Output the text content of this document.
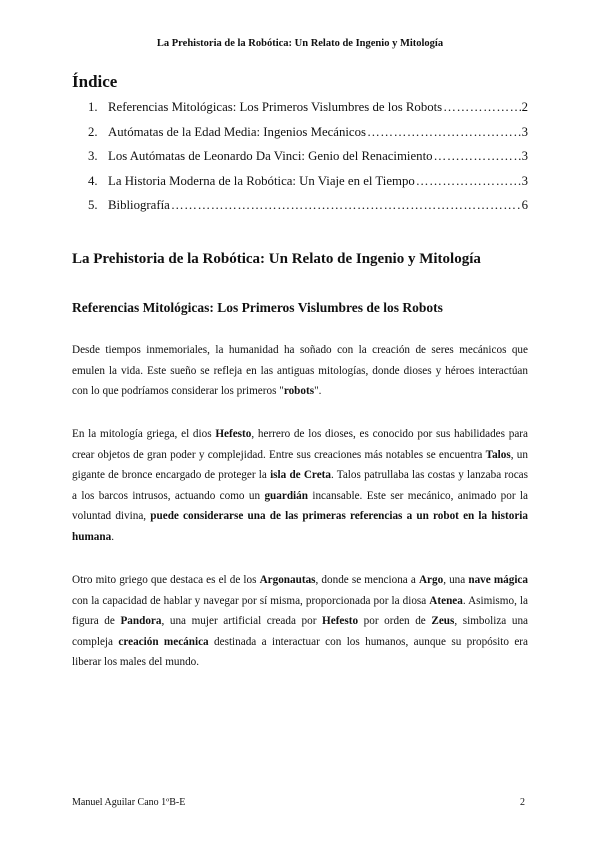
La Prehistoria de la Robótica: Un Relato de Ingenio y Mitología
Índice
1. Referencias Mitológicas: Los Primeros Vislumbres de los Robots ………………………………………………………………………………………………………………	2
2. Autómatas de la Edad Media: Ingenios Mecánicos ………………………………………………………………………………………………………………	3
3. Los Autómatas de Leonardo Da Vinci: Genio del Renacimiento ………………………………………………………………………………………………………………	3
4. La Historia Moderna de la Robótica: Un Viaje en el Tiempo ………………………………………………………………………………………………………………	3
5. Bibliografía ………………………………………………………………………………………………………………	6
La Prehistoria de la Robótica: Un Relato de Ingenio y Mitología
Referencias Mitológicas: Los Primeros Vislumbres de los Robots

Desde tiempos inmemoriales, la humanidad ha soñado con la creación de seres mecánicos que emulen la vida. Este sueño se refleja en las antiguas mitologías, donde dioses y héroes interactúan con lo que podríamos considerar los primeros "robots".

En la mitología griega, el dios Hefesto, herrero de los dioses, es conocido por sus habilidades para crear objetos de gran poder y complejidad. Entre sus creaciones más notables se encuentra Talos, un gigante de bronce encargado de proteger la isla de Creta. Talos patrullaba las costas y lanzaba rocas a los barcos intrusos, actuando como un guardián incansable. Este ser mecánico, animado por la voluntad divina, puede considerarse una de las primeras referencias a un robot en la historia humana.

Otro mito griego que destaca es el de los Argonautas, donde se menciona a Argo, una nave mágica con la capacidad de hablar y navegar por sí misma, proporcionada por la diosa Atenea. Asimismo, la figura de Pandora, una mujer artificial creada por Hefesto por orden de Zeus, simboliza una compleja creación mecánica destinada a interactuar con los humanos, aunque su propósito era liberar los males del mundo.

Manuel Aguilar Cano 1ºB-E	2
